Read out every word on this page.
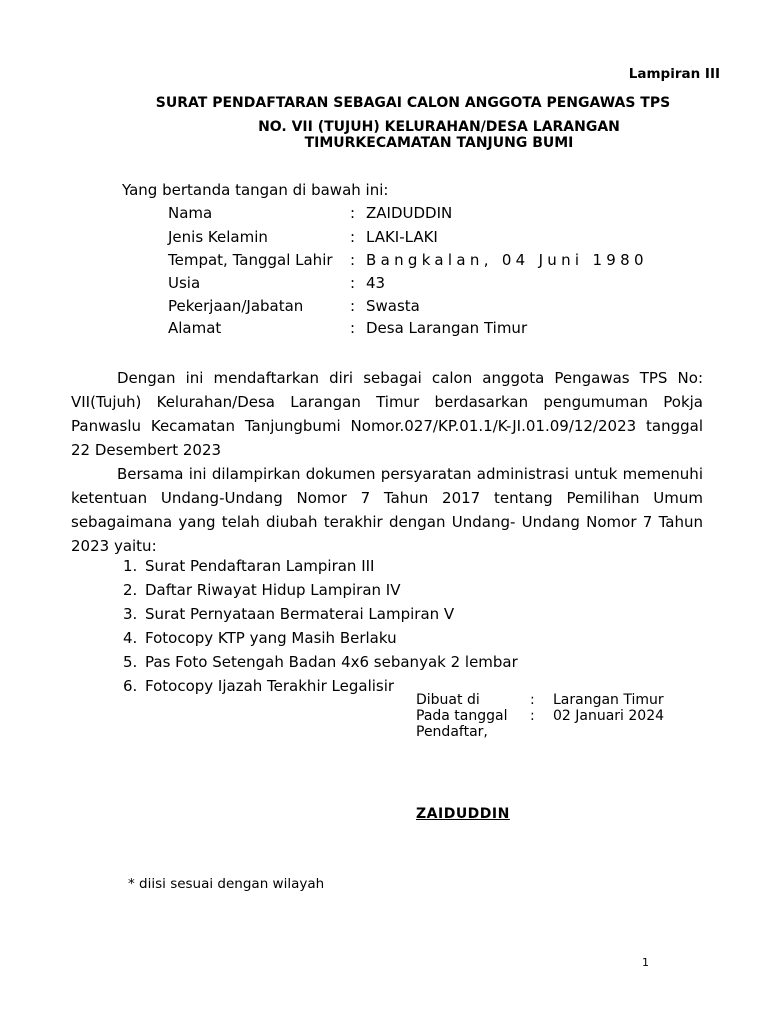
Lampiran III
SURAT PENDAFTARAN SEBAGAI CALON ANGGOTA PENGAWAS TPS
NO. VII (TUJUH) KELURAHAN/DESA LARANGAN
TIMURKECAMATAN TANJUNG BUMI
Yang bertanda tangan di bawah ini:
Nama	: ZAIDUDDIN
Jenis Kelamin	: LAKI-LAKI
Tempat, Tanggal Lahir : Bangkalan, 04 Juni 1980
Usia	: 43
Pekerjaan/Jabatan	: Swasta
Alamat	: Desa Larangan Timur
Dengan ini mendaftarkan diri sebagai calon anggota Pengawas TPS No: VII(Tujuh) Kelurahan/Desa Larangan Timur berdasarkan pengumuman Pokja Panwaslu Kecamatan Tanjungbumi Nomor.027/KP.01.1/K-JI.01.09/12/2023 tanggal 22 Desembert 2023
Bersama ini dilampirkan dokumen persyaratan administrasi untuk memenuhi ketentuan Undang-Undang Nomor 7 Tahun 2017 tentang Pemilihan Umum sebagaimana yang telah diubah terakhir dengan Undang- Undang Nomor 7 Tahun 2023 yaitu:
1. Surat Pendaftaran Lampiran III
2. Daftar Riwayat Hidup Lampiran IV
3. Surat Pernyataan Bermaterai Lampiran V
4. Fotocopy KTP yang Masih Berlaku
5. Pas Foto Setengah Badan 4x6 sebanyak 2 lembar
6. Fotocopy Ijazah Terakhir Legalisir
Dibuat di	: Larangan Timur
Pada tanggal : 02 Januari 2024
Pendaftar,
ZAIDUDDIN
* diisi sesuai dengan wilayah
1
